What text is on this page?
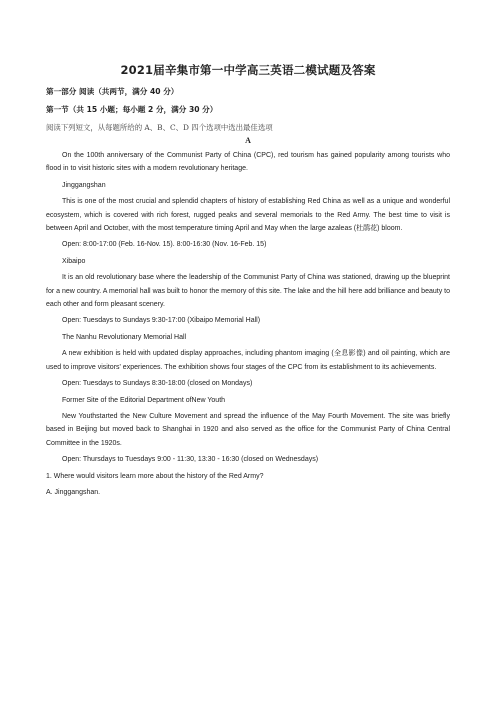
2021届辛集市第一中学高三英语二模试题及答案
第一部分 阅读（共两节，满分 40 分）
第一节（共 15 小题；每小题 2 分，满分 30 分）
阅读下列短文，从每题所给的 A、B、C、D 四个选项中选出最佳选项
A

On the 100th anniversary of the Communist Party of China (CPC), red tourism has gained popularity among tourists who flood in to visit historic sites with a modern revolutionary heritage.

Jinggangshan

This is one of the most crucial and splendid chapters of history of establishing Red China as well as a unique and wonderful ecosystem, which is covered with rich forest, rugged peaks and several memorials to the Red Army. The best time to visit is between April and October, with the most temperature timing April and May when the large azaleas (杜鹃花) bloom.

Open: 8:00-17:00 (Feb. 16-Nov. 15). 8:00-16:30 (Nov. 16-Feb. 15)

Xibaipo

It is an old revolutionary base where the leadership of the Communist Party of China was stationed, drawing up the blueprint for a new country. A memorial hall was built to honor the memory of this site. The lake and the hill here add brilliance and beauty to each other and form pleasant scenery.

Open: Tuesdays to Sundays 9:30-17:00 (Xibaipo Memorial Hall)

The Nanhu Revolutionary Memorial Hall

A new exhibition is held with updated display approaches, including phantom imaging (全息影像) and oil painting, which are used to improve visitors' experiences. The exhibition shows four stages of the CPC from its establishment to its achievements.

Open: Tuesdays to Sundays 8:30-18:00 (closed on Mondays)

Former Site of the Editorial Department ofNew Youth

New Youthstarted the New Culture Movement and spread the influence of the May Fourth Movement. The site was briefly based in Beijing but moved back to Shanghai in 1920 and also served as the office for the Communist Party of China Central Committee in the 1920s.

Open: Thursdays to Tuesdays 9:00 - 11:30, 13:30 - 16:30 (closed on Wednesdays)

1. Where would visitors learn more about the history of the Red Army?

A. Jinggangshan.
